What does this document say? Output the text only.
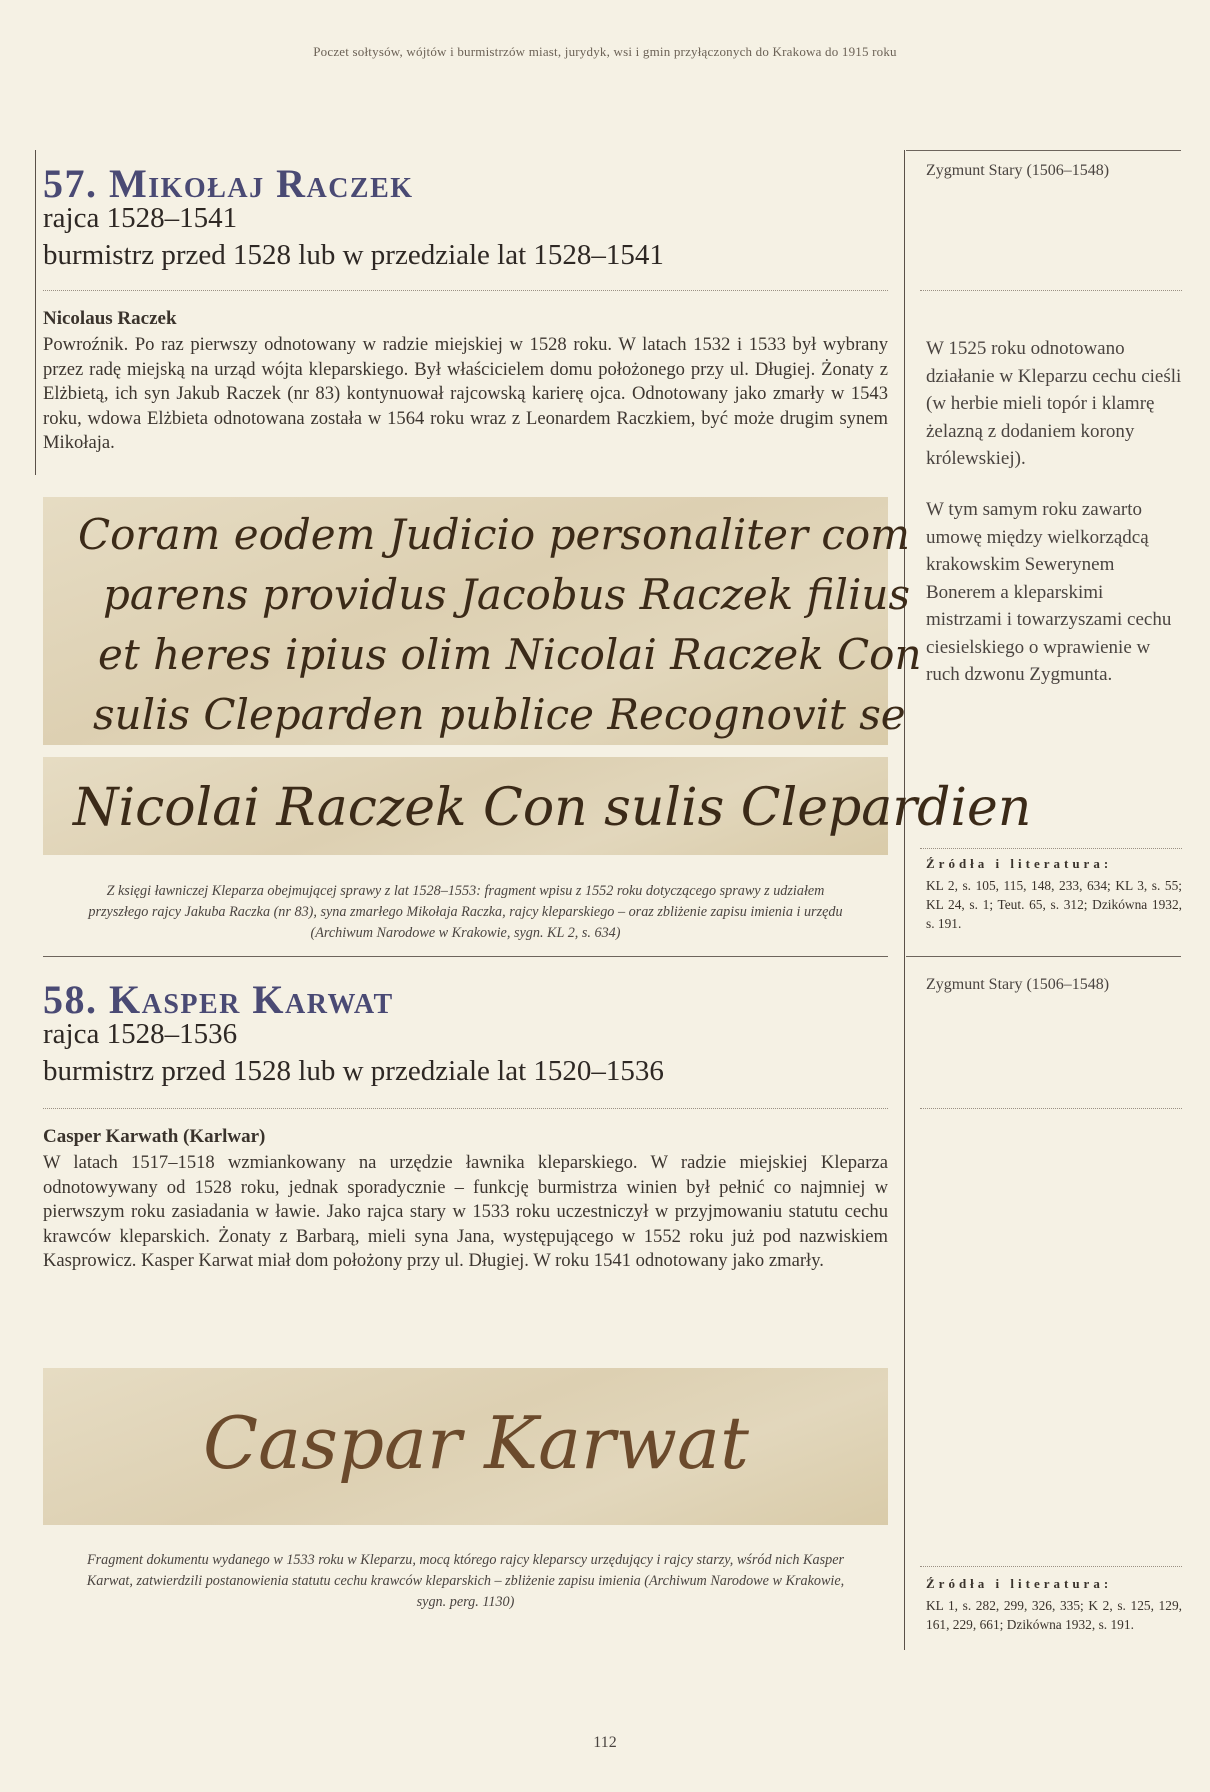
Poczet sołtysów, wójtów i burmistrzów miast, jurydyk, wsi i gmin przyłączonych do Krakowa do 1915 roku
57. Mikołaj Raczek
rajca 1528–1541
burmistrz przed 1528 lub w przedziale lat 1528–1541
Nicolaus Raczek
Powroźnik. Po raz pierwszy odnotowany w radzie miejskiej w 1528 roku. W latach 1532 i 1533 był wybrany przez radę miejską na urząd wójta kleparskiego. Był właścicielem domu położonego przy ul. Długiej. Żonaty z Elżbietą, ich syn Jakub Raczek (nr 83) kontynuował rajcowską karierę ojca. Odnotowany jako zmarły w 1543 roku, wdowa Elżbieta odnotowana została w 1564 roku wraz z Leonardem Raczkiem, być może drugim synem Mikołaja.
Coram eodem Judicio personaliter com
parens providus Jacobus Raczek filius
et heres ipius olim Nicolai Raczek Con
sulis Cleparden publice Recognovit se
Nicolai Raczek Con sulis Clepardien
Z księgi ławniczej Kleparza obejmującej sprawy z lat 1528–1553: fragment wpisu z 1552 roku dotyczącego sprawy z udziałem przyszłego rajcy Jakuba Raczka (nr 83), syna zmarłego Mikołaja Raczka, rajcy kleparskiego – oraz zbliżenie zapisu imienia i urzędu (Archiwum Narodowe w Krakowie, sygn. KL 2, s. 634)
Zygmunt Stary (1506–1548)
W 1525 roku odnotowano działanie w Kleparzu cechu cieśli (w herbie mieli topór i klamrę żelazną z dodaniem korony królewskiej).
W tym samym roku zawarto umowę między wielkorządcą krakowskim Sewerynem Bonerem a kleparskimi mistrzami i towarzyszami cechu ciesielskiego o wprawienie w ruch dzwonu Zygmunta.
Źródła i literatura:
KL 2, s. 105, 115, 148, 233, 634; KL 3, s. 55; KL 24, s. 1; Teut. 65, s. 312; Dzikówna 1932, s. 191.
58. Kasper Karwat
rajca 1528–1536
burmistrz przed 1528 lub w przedziale lat 1520–1536
Casper Karwath (Karlwar)
W latach 1517–1518 wzmiankowany na urzędzie ławnika kleparskiego. W radzie miejskiej Kleparza odnotowywany od 1528 roku, jednak sporadycznie – funkcję burmistrza winien był pełnić co najmniej w pierwszym roku zasiadania w ławie. Jako rajca stary w 1533 roku uczestniczył w przyjmowaniu statutu cechu krawców kleparskich. Żonaty z Barbarą, mieli syna Jana, występującego w 1552 roku już pod nazwiskiem Kasprowicz. Kasper Karwat miał dom położony przy ul. Długiej. W roku 1541 odnotowany jako zmarły.
Caspar Karwat
Fragment dokumentu wydanego w 1533 roku w Kleparzu, mocą którego rajcy kleparscy urzędujący i rajcy starzy, wśród nich Kasper Karwat, zatwierdzili postanowienia statutu cechu krawców kleparskich – zbliżenie zapisu imienia (Archiwum Narodowe w Krakowie, sygn. perg. 1130)
Zygmunt Stary (1506–1548)
Źródła i literatura:
KL 1, s. 282, 299, 326, 335; K 2, s. 125, 129, 161, 229, 661; Dzikówna 1932, s. 191.
112
